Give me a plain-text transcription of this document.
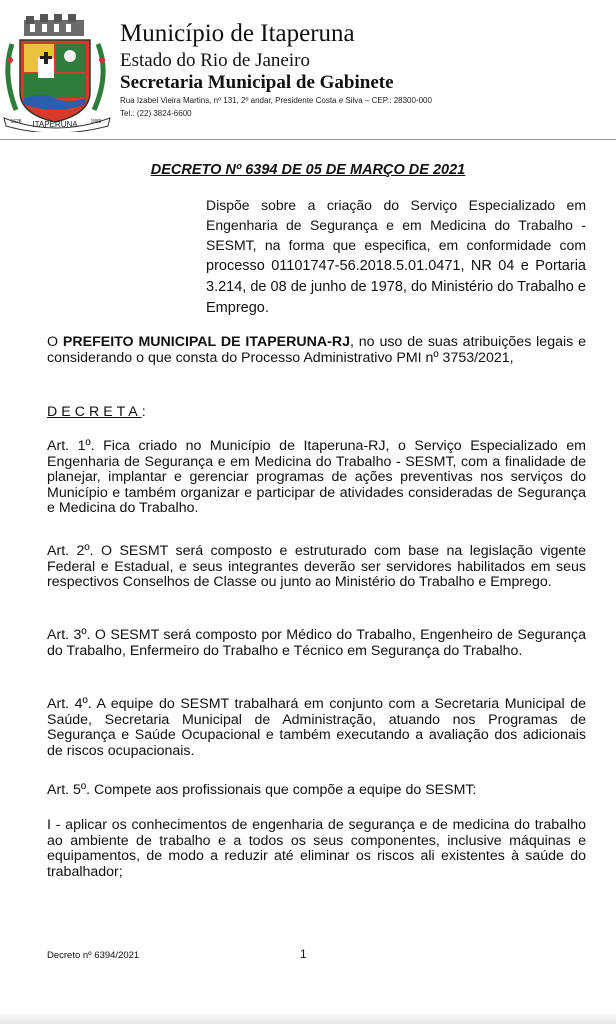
ITAPERUNA
1628	1889
Município de Itaperuna
Estado do Rio de Janeiro
Secretaria Municipal de Gabinete
Rua Izabel Vieira Martins, nº 131, 2º andar, Presidente Costa e Silva – CEP.: 28300-000
Tel.: (22) 3824-6600
DECRETO Nº 6394 DE 05 DE MARÇO DE 2021
Dispõe sobre a criação do Serviço Especializado em Engenharia de Segurança e em Medicina do Trabalho - SESMT, na forma que especifica, em conformidade com processo 01101747-56.2018.5.01.0471, NR 04 e Portaria 3.214, de 08 de junho de 1978, do Ministério do Trabalho e Emprego.
O PREFEITO MUNICIPAL DE ITAPERUNA-RJ, no uso de suas atribuições legais e considerando o que consta do Processo Administrativo PMI nº 3753/2021,
DECRETA:
Art. 1º. Fica criado no Município de Itaperuna-RJ, o Serviço Especializado em Engenharia de Segurança e em Medicina do Trabalho - SESMT, com a finalidade de planejar, implantar e gerenciar programas de ações preventivas nos serviços do Município e também organizar e participar de atividades consideradas de Segurança e Medicina do Trabalho.
Art. 2º. O SESMT será composto e estruturado com base na legislação vigente Federal e Estadual, e seus integrantes deverão ser servidores habilitados em seus respectivos Conselhos de Classe ou junto ao Ministério do Trabalho e Emprego.
Art. 3º. O SESMT será composto por Médico do Trabalho, Engenheiro de Segurança do Trabalho, Enfermeiro do Trabalho e Técnico em Segurança do Trabalho.
Art. 4º. A equipe do SESMT trabalhará em conjunto com a Secretaria Municipal de Saúde, Secretaria Municipal de Administração, atuando nos Programas de Segurança e Saúde Ocupacional e também executando a avaliação dos adicionais de riscos ocupacionais.
Art. 5º. Compete aos profissionais que compõe a equipe do SESMT:
I - aplicar os conhecimentos de engenharia de segurança e de medicina do trabalho ao ambiente de trabalho e a todos os seus componentes, inclusive máquinas e equipamentos, de modo a reduzir até eliminar os riscos ali existentes à saúde do trabalhador;
Decreto nº 6394/2021	1
